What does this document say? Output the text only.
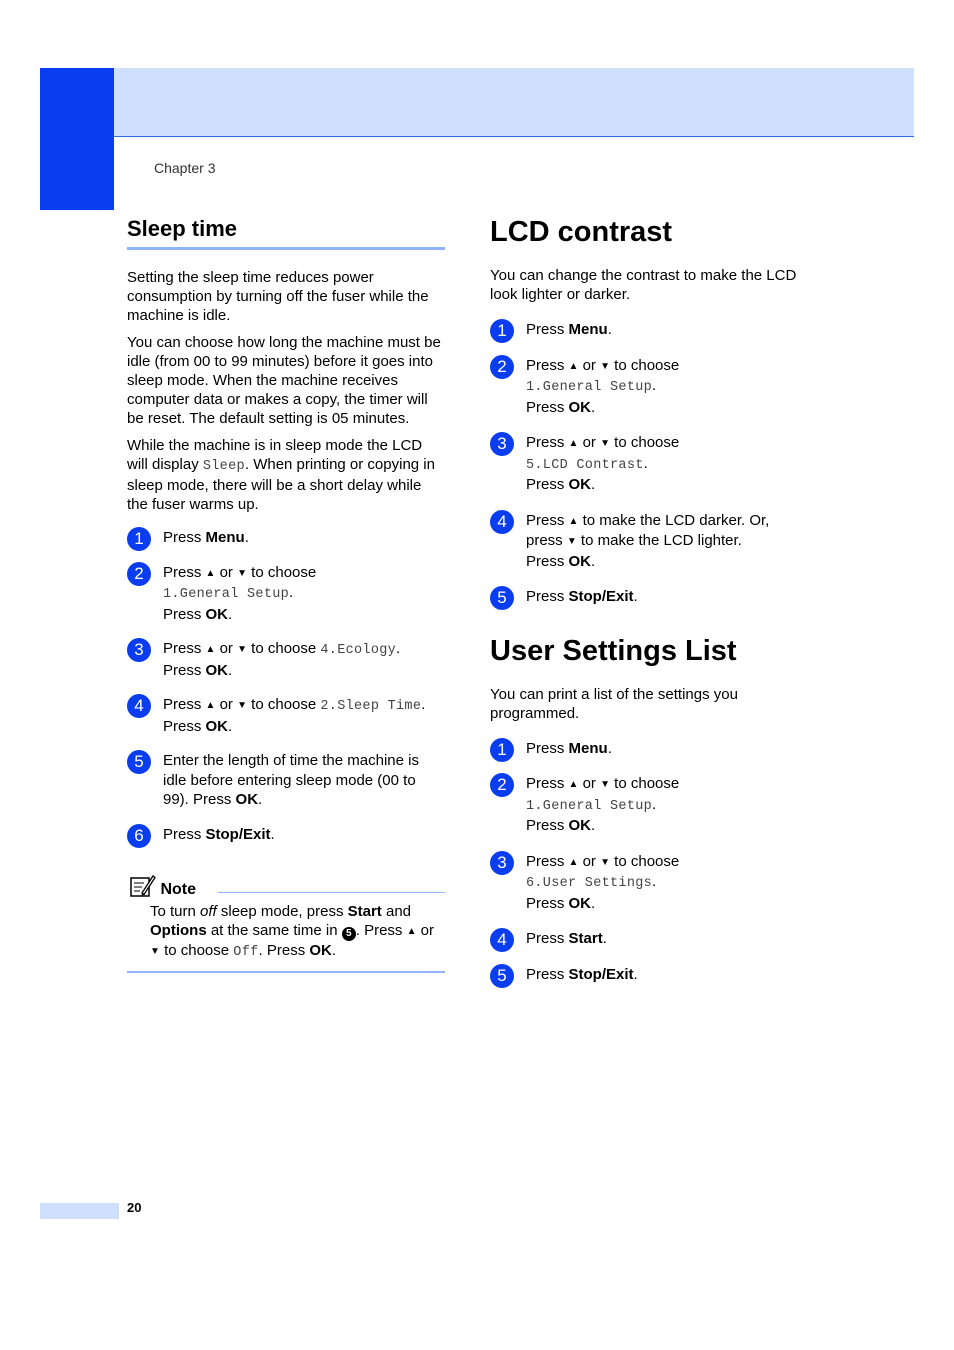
Chapter 3
Sleep time

Setting the sleep time reduces power consumption by turning off the fuser while the machine is idle.

You can choose how long the machine must be idle (from 00 to 99 minutes) before it goes into sleep mode. When the machine receives computer data or makes a copy, the timer will be reset. The default setting is 05 minutes.

While the machine is in sleep mode the LCD will display Sleep. When printing or copying in sleep mode, there will be a short delay while the fuser warms up.

1	Press Menu.
2	Press ▲ or ▼ to choose
1.General Setup.
Press OK.
3	Press ▲ or ▼ to choose 4.Ecology.
Press OK.
4	Press ▲ or ▼ to choose 2.Sleep Time.
Press OK.
5	Enter the length of time the machine is idle before entering sleep mode (00 to 99). Press OK.
6	Press Stop/Exit.
Note

To turn off sleep mode, press Start and Options at the same time in 5 . Press ▲ or
▼ to choose Off. Press OK.

LCD contrast

You can change the contrast to make the LCD look lighter or darker.

1	Press Menu.
2	Press ▲ or ▼ to choose
1.General Setup.
Press OK.
3	Press ▲ or ▼ to choose
5.LCD Contrast.
Press OK.
4	Press ▲ to make the LCD darker. Or, press ▼ to make the LCD lighter.
Press OK.
5	Press Stop/Exit.
User Settings List

You can print a list of the settings you programmed.

1	Press Menu.
2	Press ▲ or ▼ to choose
1.General Setup.
Press OK.
3	Press ▲ or ▼ to choose
6.User Settings.
Press OK.
4	Press Start.
5	Press Stop/Exit.
20
